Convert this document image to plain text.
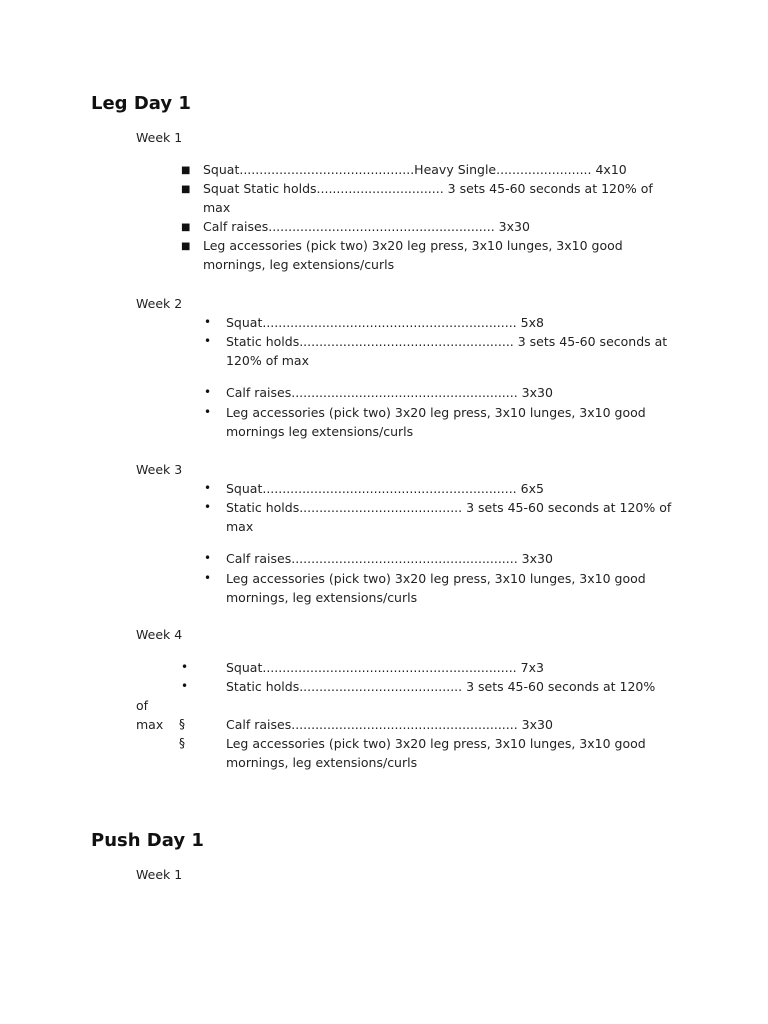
Leg Day 1

Week 1

■ Squat............................................Heavy Single........................ 4x10
■ Squat Static holds................................ 3 sets 45-60 seconds at 120% of max
■ Calf raises......................................................... 3x30
■ Leg accessories (pick two) 3x20 leg press, 3x10 lunges, 3x10 good mornings, leg extensions/curls

Week 2

• Squat................................................................ 5x8
• Static holds...................................................... 3 sets 45-60 seconds at 120% of max
• Calf raises......................................................... 3x30
• Leg accessories (pick two) 3x20 leg press, 3x10 lunges, 3x10 good mornings leg extensions/curls

Week 3

• Squat................................................................ 6x5
• Static holds......................................... 3 sets 45-60 seconds at 120% of max
• Calf raises......................................................... 3x30
• Leg accessories (pick two) 3x20 leg press, 3x10 lunges, 3x10 good mornings, leg extensions/curls

Week 4

•	Squat................................................................ 7x3
•	Static holds......................................... 3 sets 45-60 seconds at 120%
of max §	Calf raises......................................................... 3x30
§	Leg accessories (pick two) 3x20 leg press, 3x10 lunges, 3x10 good mornings, leg extensions/curls
Push Day 1

Week 1
